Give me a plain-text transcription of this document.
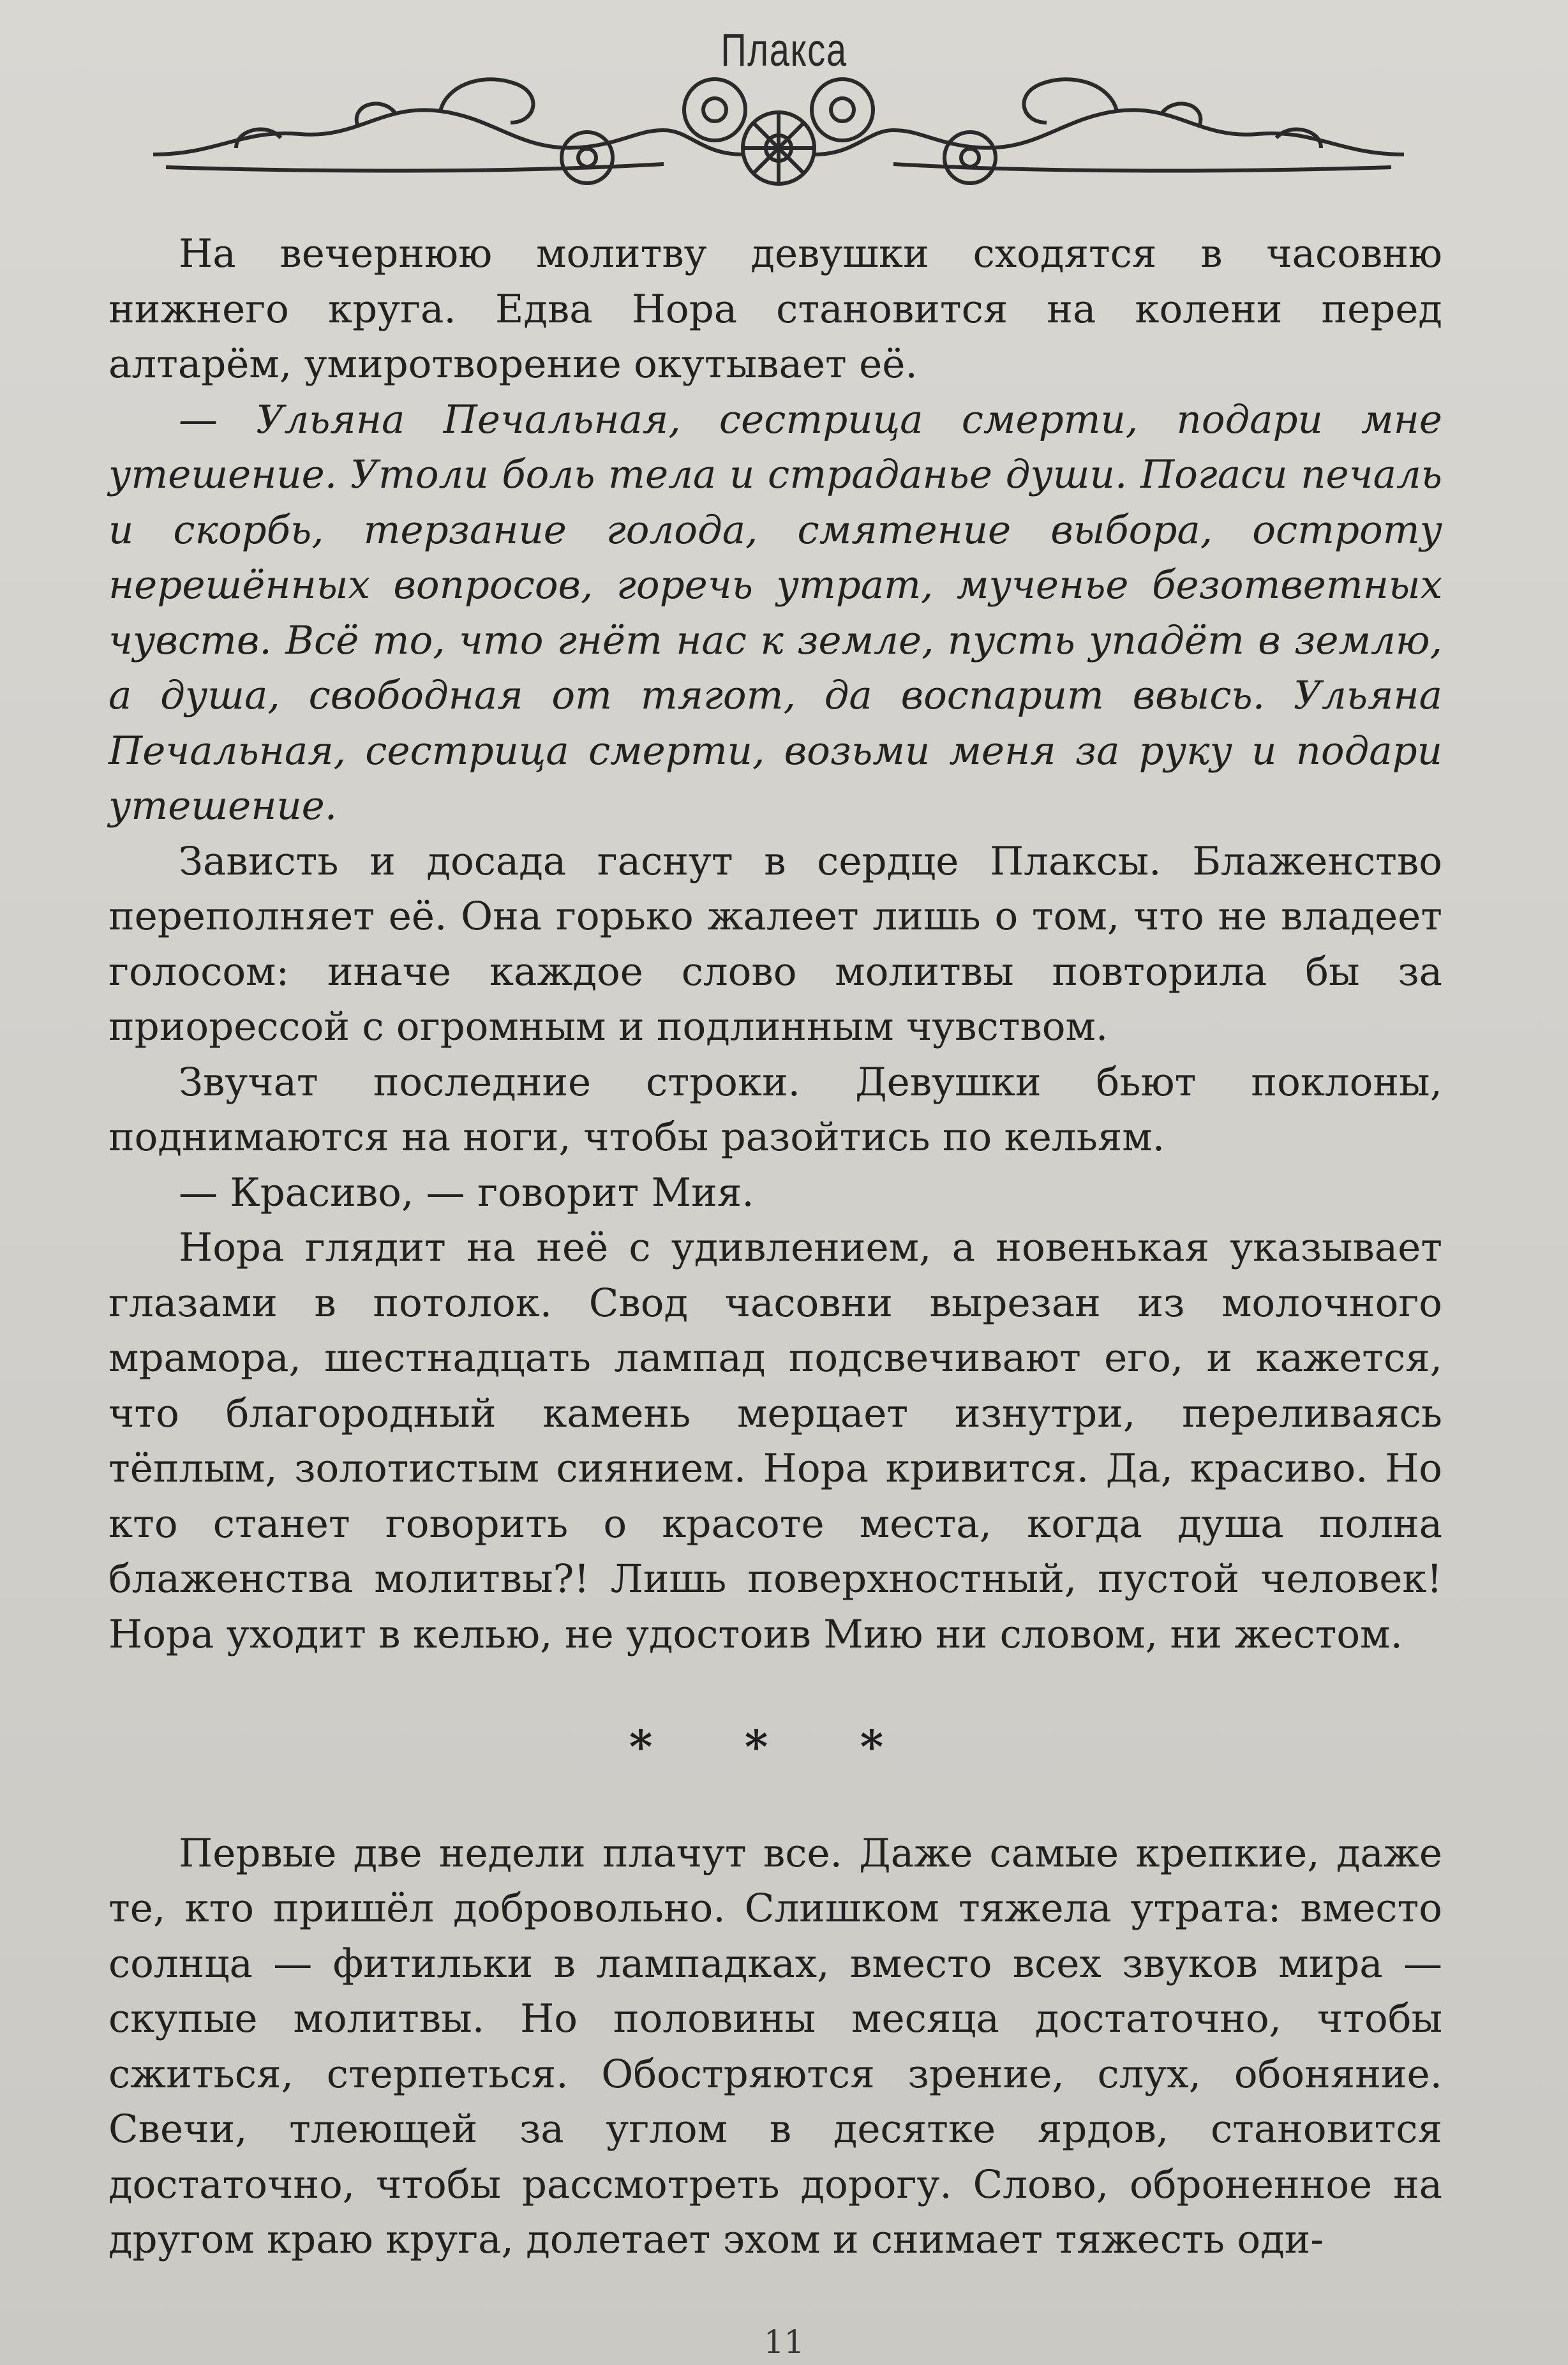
Плакса

На вечернюю молитву девушки сходятся в часовню нижнего круга. Едва Нора становится на колени перед алтарём, умиротворение окутывает её.

— Ульяна Печальная, сестрица смерти, подари мне утешение. Утоли боль тела и страданье души. Погаси печаль и скорбь, терзание голода, смятение выбора, остроту нерешённых вопросов, горечь утрат, мученье безответных чувств. Всё то, что гнёт нас к земле, пусть упадёт в землю, а душа, свободная от тягот, да воспарит ввысь. Ульяна Печальная, сестрица смерти, возьми меня за руку и подари утешение.

Зависть и досада гаснут в сердце Плаксы. Блаженство переполняет её. Она горько жалеет лишь о том, что не владеет голосом: иначе каждое слово молитвы повторила бы за приорессой с огромным и подлинным чувством.

Звучат последние строки. Девушки бьют поклоны, поднимаются на ноги, чтобы разойтись по кельям.

— Красиво, — говорит Мия.

Нора глядит на неё с удивлением, а новенькая указывает глазами в потолок. Свод часовни вырезан из молочного мрамора, шестнадцать лампад подсвечивают его, и кажется, что благородный камень мерцает изнутри, переливаясь тёплым, золотистым сиянием. Нора кривится. Да, красиво. Но кто станет говорить о красоте места, когда душа полна блаженства молитвы?! Лишь поверхностный, пустой человек! Нора уходит в келью, не удостоив Мию ни словом, ни жестом.

* * *

Первые две недели плачут все. Даже самые крепкие, даже те, кто пришёл добровольно. Слишком тяжела утрата: вместо солнца — фитильки в лампадках, вместо всех звуков мира — скупые молитвы. Но половины месяца достаточно, чтобы сжиться, стерпеться. Обостряются зрение, слух, обоняние. Свечи, тлеющей за углом в десятке ярдов, становится достаточно, чтобы рассмотреть дорогу. Слово, оброненное на другом краю круга, долетает эхом и снимает тяжесть оди-

11
